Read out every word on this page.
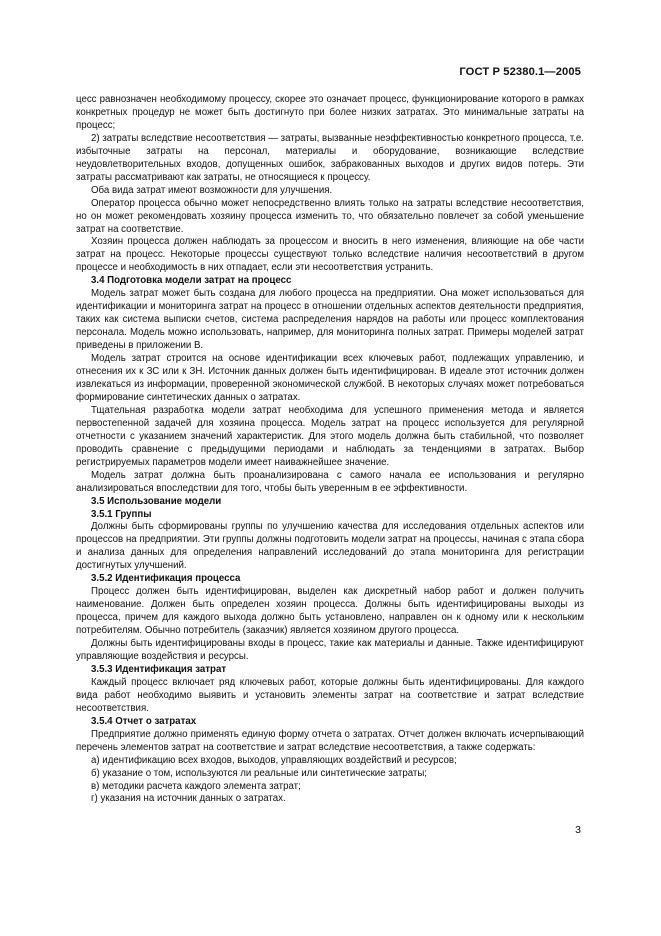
ГОСТ Р 52380.1—2005

цесс равнозначен необходимому процессу, скорее это означает процесс, функционирование которого в рамках конкретных процедур не может быть достигнуто при более низких затратах. Это минимальные затраты на процесс;

2) затраты вследствие несоответствия — затраты, вызванные неэффективностью конкретного процесса, т.е. избыточные затраты на персонал, материалы и оборудование, возникающие вследствие неудовлетворительных входов, допущенных ошибок, забракованных выходов и других видов потерь. Эти затраты рассматривают как затраты, не относящиеся к процессу.

Оба вида затрат имеют возможности для улучшения.

Оператор процесса обычно может непосредственно влиять только на затраты вследствие несоответствия, но он может рекомендовать хозяину процесса изменить то, что обязательно повлечет за собой уменьшение затрат на соответствие.

Хозяин процесса должен наблюдать за процессом и вносить в него изменения, влияющие на обе части затрат на процесс. Некоторые процессы существуют только вследствие наличия несоответствий в другом процессе и необходимость в них отпадает, если эти несоответствия устранить.

3.4 Подготовка модели затрат на процесс

Модель затрат может быть создана для любого процесса на предприятии. Она может использоваться для идентификации и мониторинга затрат на процесс в отношении отдельных аспектов деятельности предприятия, таких как система выписки счетов, система распределения нарядов на работы или процесс комплектования персонала. Модель можно использовать, например, для мониторинга полных затрат. Примеры моделей затрат приведены в приложении В.

Модель затрат строится на основе идентификации всех ключевых работ, подлежащих управлению, и отнесения их к ЗС или к ЗН. Источник данных должен быть идентифицирован. В идеале этот источник должен извлекаться из информации, проверенной экономической службой. В некоторых случаях может потребоваться формирование синтетических данных о затратах.

Тщательная разработка модели затрат необходима для успешного применения метода и является первостепенной задачей для хозяина процесса. Модель затрат на процесс используется для регулярной отчетности с указанием значений характеристик. Для этого модель должна быть стабильной, что позволяет проводить сравнение с предыдущими периодами и наблюдать за тенденциями в затратах. Выбор регистрируемых параметров модели имеет наиважнейшее значение.

Модель затрат должна быть проанализирована с самого начала ее использования и регулярно анализироваться впоследствии для того, чтобы быть уверенным в ее эффективности.

3.5 Использование модели
3.5.1 Группы

Должны быть сформированы группы по улучшению качества для исследования отдельных аспектов или процессов на предприятии. Эти группы должны подготовить модели затрат на процессы, начиная с этапа сбора и анализа данных для определения направлений исследований до этапа мониторинга для регистрации достигнутых улучшений.

3.5.2 Идентификация процесса

Процесс должен быть идентифицирован, выделен как дискретный набор работ и должен получить наименование. Должен быть определен хозяин процесса. Должны быть идентифицированы выходы из процесса, причем для каждого выхода должно быть установлено, направлен он к одному или к нескольким потребителям. Обычно потребитель (заказчик) является хозяином другого процесса.

Должны быть идентифицированы входы в процесс, такие как материалы и данные. Также идентифицируют управляющие воздействия и ресурсы.

3.5.3 Идентификация затрат

Каждый процесс включает ряд ключевых работ, которые должны быть идентифицированы. Для каждого вида работ необходимо выявить и установить элементы затрат на соответствие и затрат вследствие несоответствия.

3.5.4 Отчет о затратах

Предприятие должно применять единую форму отчета о затратах. Отчет должен включать исчерпывающий перечень элементов затрат на соответствие и затрат вследствие несоответствия, а также содержать:

а) идентификацию всех входов, выходов, управляющих воздействий и ресурсов;

б) указание о том, используются ли реальные или синтетические затраты;

в) методики расчета каждого элемента затрат;

г) указания на источник данных о затратах.

3
